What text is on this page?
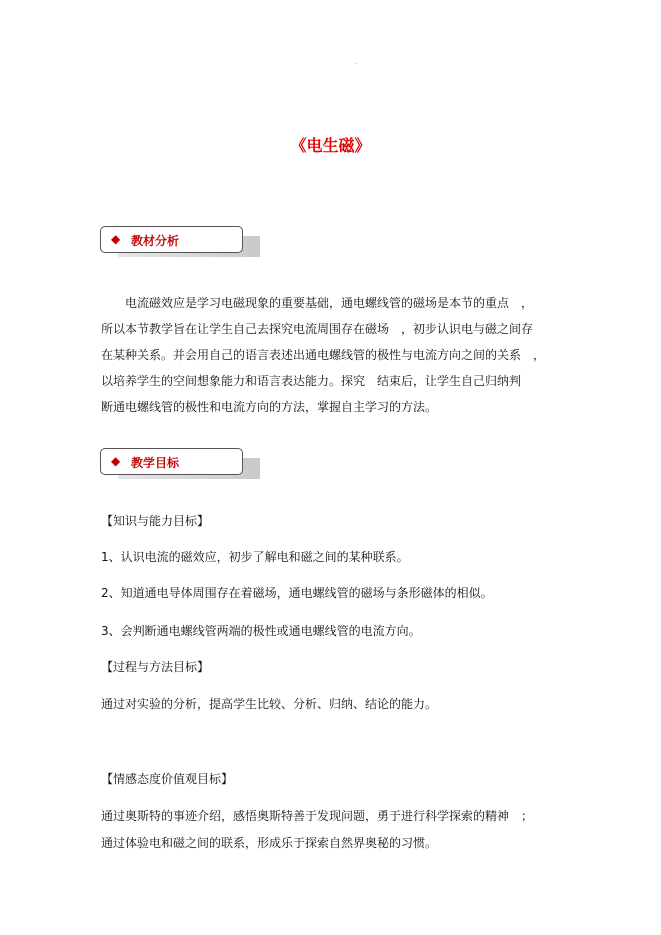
《电生磁》
◆ 教材分析
电流磁效应是学习电磁现象的重要基础，通电螺线管的磁场是本节的重点　，
所以本节教学旨在让学生自己去探究电流周围存在磁场　，初步认识电与磁之间存
在某种关系。并会用自己的语言表述出通电螺线管的极性与电流方向之间的关系　，
以培养学生的空间想象能力和语言表达能力。探究　结束后，让学生自己归纳判
断通电螺线管的极性和电流方向的方法，掌握自主学习的方法。
◆ 教学目标
【知识与能力目标】
1、认识电流的磁效应，初步了解电和磁之间的某种联系。
2、知道通电导体周围存在着磁场，通电螺线管的磁场与条形磁体的相似。
3、会判断通电螺线管两端的极性或通电螺线管的电流方向。
【过程与方法目标】
通过对实验的分析，提高学生比较、分析、归纳、结论的能力。
【情感态度价值观目标】
通过奥斯特的事迹介绍，感悟奥斯特善于发现问题，勇于进行科学探索的精神　；
通过体验电和磁之间的联系，形成乐于探索自然界奥秘的习惯。
